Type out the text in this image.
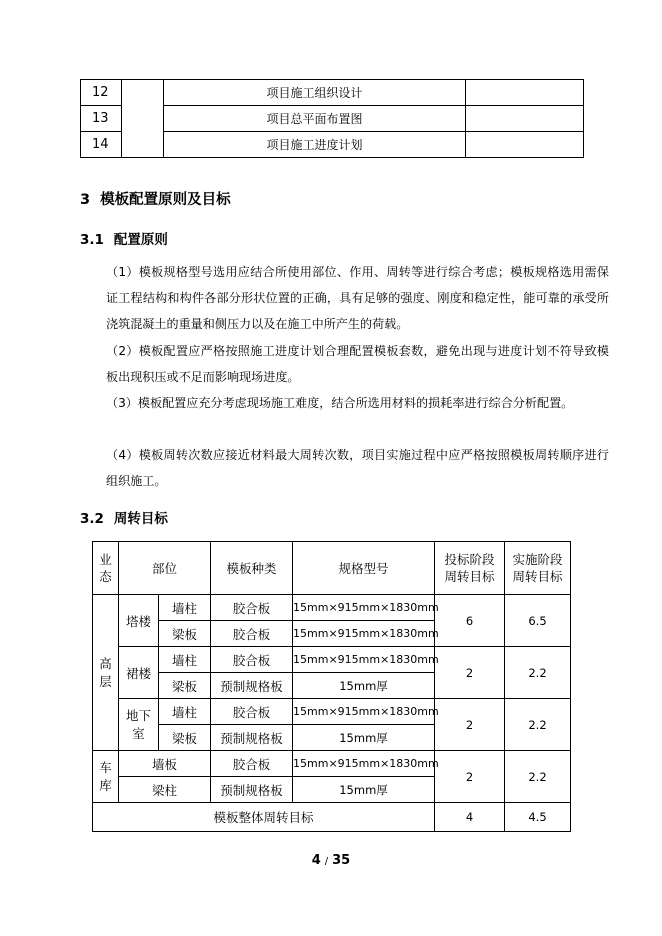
12		项目施工组织设计	
13		项目总平面布置图	
14		项目施工进度计划	
3 模板配置原则及目标
3.1 配置原则

（1）模板规格型号选用应结合所使用部位、作用、周转等进行综合考虑；模板规格选用需保证工程结构和构件各部分形状位置的正确，具有足够的强度、刚度和稳定性，能可靠的承受所浇筑混凝土的重量和侧压力以及在施工中所产生的荷载。

（2）模板配置应严格按照施工进度计划合理配置模板套数，避免出现与进度计划不符导致模板出现积压或不足而影响现场进度。

（3）模板配置应充分考虑现场施工难度，结合所选用材料的损耗率进行综合分析配置。

（4）模板周转次数应接近材料最大周转次数，项目实施过程中应严格按照模板周转顺序进行组织施工。

3.2 周转目标
业态	部位		模板种类	规格型号	投标阶段周转目标	实施阶段周转目标
高层	塔楼	墙柱	胶合板	15mm×915mm×1830mm	6	6.5
		梁板	胶合板	15mm×915mm×1830mm		
	裙楼	墙柱	胶合板	15mm×915mm×1830mm	2	2.2
		梁板	预制规格板	15mm厚		
	地下室	墙柱	胶合板	15mm×915mm×1830mm	2	2.2
		梁板	预制规格板	15mm厚		
车库	墙板		胶合板	15mm×915mm×1830mm	2	2.2
	梁柱		预制规格板	15mm厚		
模板整体周转目标					4	4.5
4 / 35
